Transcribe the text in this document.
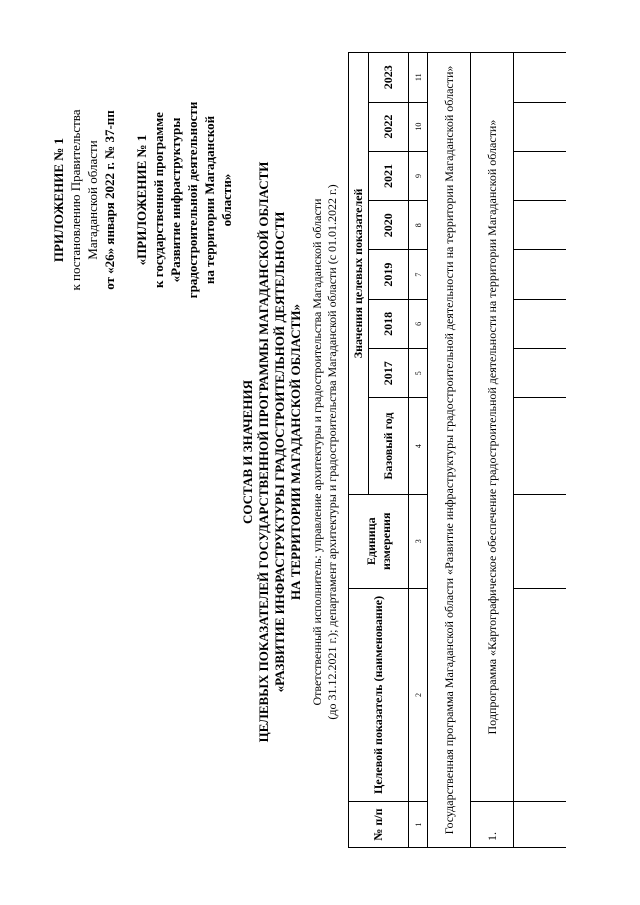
ПРИЛОЖЕНИЕ № 1 к постановлению Правительства Магаданской области от «26» января 2022 г. № 37-пп «ПРИЛОЖЕНИЕ № 1 к государственной программе «Развитие инфраструктуры градостроительной деятельности на территории Магаданской области»
СОСТАВ И ЗНАЧЕНИЯ ЦЕЛЕВЫХ ПОКАЗАТЕЛЕЙ ГОСУДАРСТВЕННОЙ ПРОГРАММЫ МАГАДАНСКОЙ ОБЛАСТИ «РАЗВИТИЕ ИНФРАСТРУКТУРЫ ГРАДОСТРОИТЕЛЬНОЙ ДЕЯТЕЛЬНОСТИ НА ТЕРРИТОРИИ МАГАДАНСКОЙ ОБЛАСТИ» Ответственный исполнитель: управление архитектуры и градостроительства Магаданской области (до 31.12.2021 г.); департамент архитектуры и градостроительства Магаданской области (с 01.01.2022 г.)
№ п/п	Целевой показатель (наименование)	Единица измерения	Значения целевых показателей							
			Базовый год	2017	2018	2019	2020	2021	2022	2023
1	2	3	4	5	6	7	8	9	10	11
Государственная программа Магаданской области «Развитие инфраструктуры градостроительной деятельности на территории Магаданской области»										
1.	Подпрограмма «Картографическое обеспечение градостроительной деятельности на территории Магаданской области»									
